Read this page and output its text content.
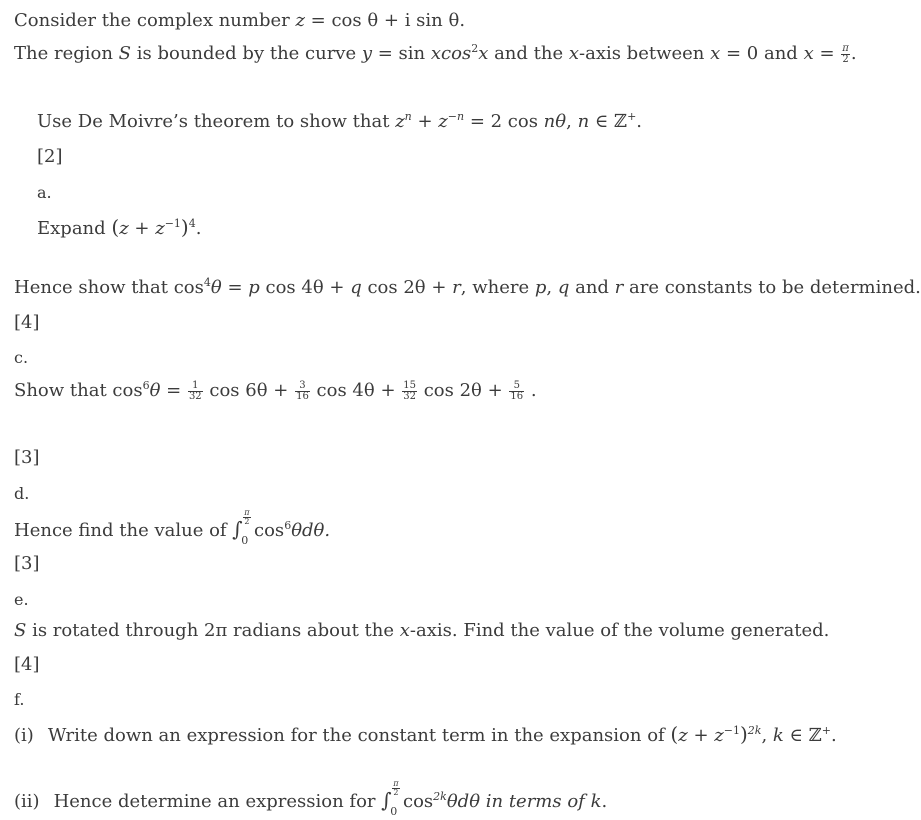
Consider the complex number z = cos θ + i sin θ.
The region S is bounded by the curve y = sin xcos$^2$x and the x-axis between x = 0 and $x = \frac{\pi}{2}$ .
Use De Moivre’s theorem to show that $z^n + z^{-n} = 2$ cos nθ, n ∈ ℤ+.
[2]
a.
Expand $(z + z^{-1})^4$.
Hence show that $\cos^4\theta = p$ cos 4θ + q cos 2θ + r, where p, q and r are constants to be determined.
[4]
c.
Show that $\cos^6\theta = \frac{1}{32}$ $\cos 6\theta + \frac{3}{16}$ $\cos 4\theta + \frac{15}{32}$ $\cos 2\theta + \frac{5}{16}$ .
[3]
d.
Hence find the value of ∫ $\frac{\pi}{2}$
0 $\cos^6\theta d\theta$.
[3]
e.
S is rotated through 2π radians about the x-axis. Find the value of the volume generated.
[4]
f.
(i) Write down an expression for the constant term in the expansion of $(z + z^{-1})^{2k}$, k ∈ ℤ+.
(ii) Hence determine an expression for ∫ $\frac{\pi}{2}$
0 $\cos^{2k}\theta d\theta$ in terms of k.
